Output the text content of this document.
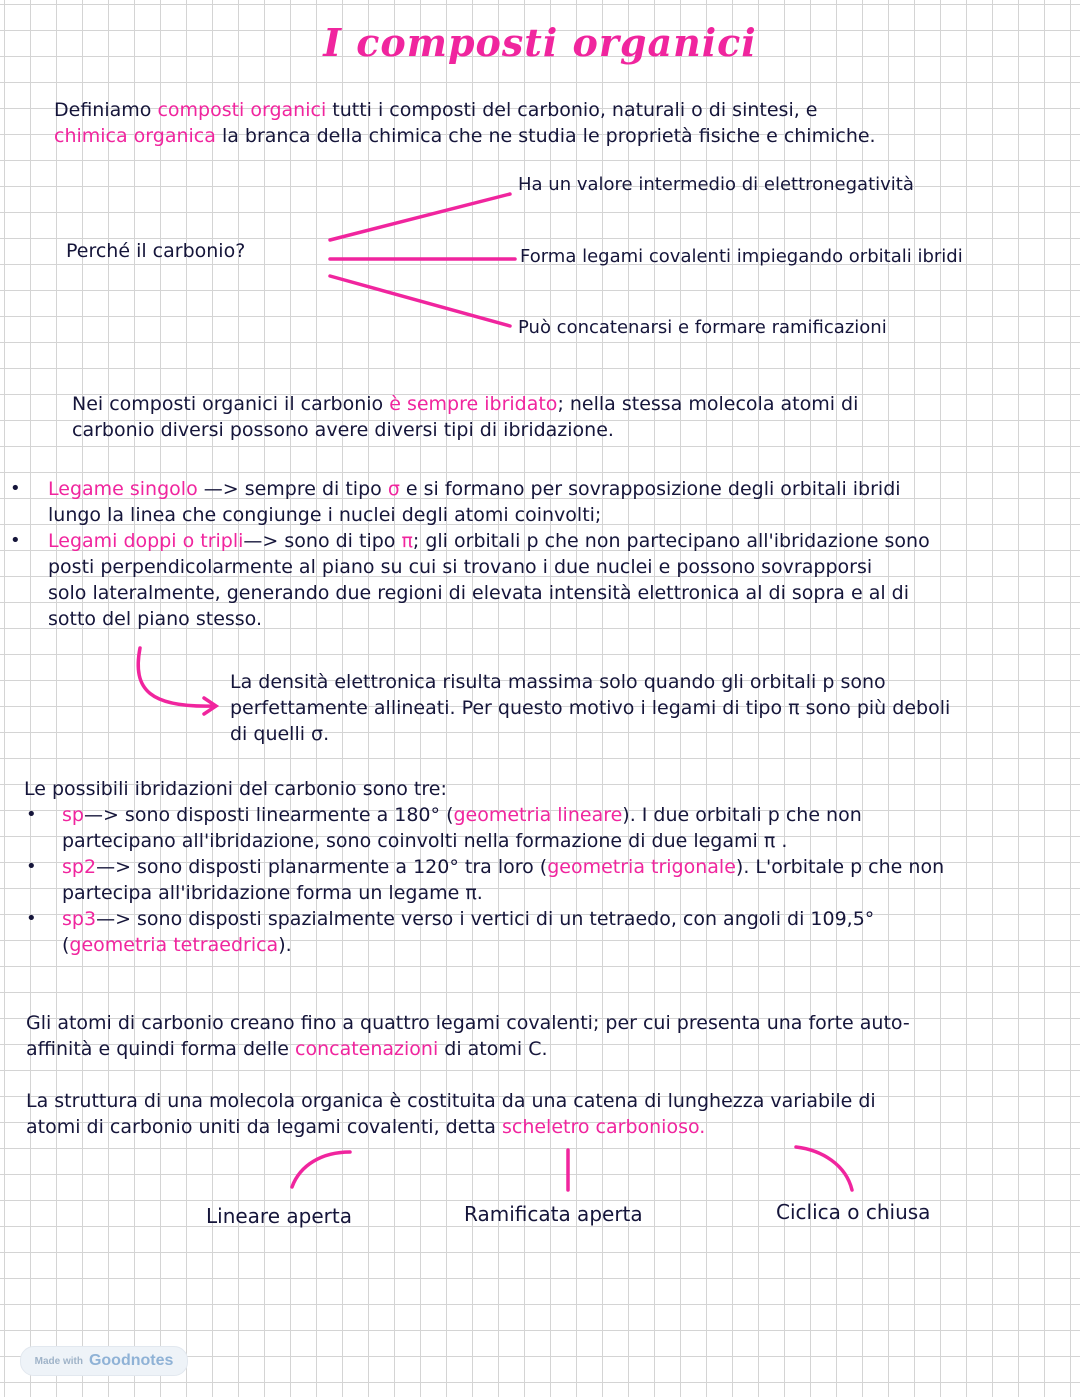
I composti organici
Definiamo composti organici tutti i composti del carbonio, naturali o di sintesi, e
chimica organica la branca della chimica che ne studia le proprietà fisiche e chimiche.
Perché il carbonio?
Ha un valore intermedio di elettronegatività
Forma legami covalenti impiegando orbitali ibridi
Può concatenarsi e formare ramificazioni
Nei composti organici il carbonio è sempre ibridato; nella stessa molecola atomi di
carbonio diversi possono avere diversi tipi di ibridazione.
• Legame singolo —> sempre di tipo σ e si formano per sovrapposizione degli orbitali ibridi
lungo la linea che congiunge i nuclei degli atomi coinvolti;
• Legami doppi o tripli—> sono di tipo π; gli orbitali p che non partecipano all'ibridazione sono
posti perpendicolarmente al piano su cui si trovano i due nuclei e possono sovrapporsi
solo lateralmente, generando due regioni di elevata intensità elettronica al di sopra e al di
sotto del piano stesso.
La densità elettronica risulta massima solo quando gli orbitali p sono
perfettamente allineati. Per questo motivo i legami di tipo π sono più deboli
di quelli σ.
Le possibili ibridazioni del carbonio sono tre:
• sp—> sono disposti linearmente a 180° (geometria lineare). I due orbitali p che non
partecipano all'ibridazione, sono coinvolti nella formazione di due legami π .
• sp2—> sono disposti planarmente a 120° tra loro (geometria trigonale). L'orbitale p che non
partecipa all'ibridazione forma un legame π.
• sp3—> sono disposti spazialmente verso i vertici di un tetraedo, con angoli di 109,5°
(geometria tetraedrica).
Gli atomi di carbonio creano fino a quattro legami covalenti; per cui presenta una forte auto-
affinità e quindi forma delle concatenazioni di atomi C.
La struttura di una molecola organica è costituita da una catena di lunghezza variabile di
atomi di carbonio uniti da legami covalenti, detta scheletro carbonioso.
Lineare aperta	Ramificata aperta	Ciclica o chiusa
Made with Goodnotes
